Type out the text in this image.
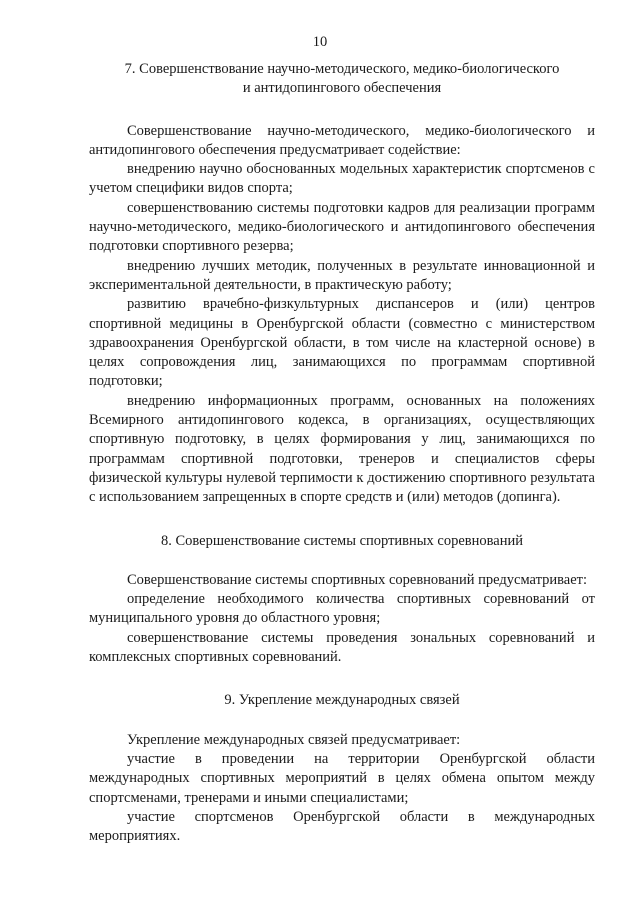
10
7. Совершенствование научно-методического, медико-биологического
и антидопингового обеспечения

Совершенствование научно-методического, медико-биологического и антидопингового обеспечения предусматривает содействие:

внедрению научно обоснованных модельных характеристик спортсменов с учетом специфики видов спорта;

совершенствованию системы подготовки кадров для реализации программ научно-методического, медико-биологического и антидопингового обеспечения подготовки спортивного резерва;

внедрению лучших методик, полученных в результате инновационной и экспериментальной деятельности, в практическую работу;

развитию врачебно-физкультурных диспансеров и (или) центров спортивной медицины в Оренбургской области (совместно с министерством здравоохранения Оренбургской области, в том числе на кластерной основе) в целях сопровождения лиц, занимающихся по программам спортивной подготовки;

внедрению информационных программ, основанных на положениях Всемирного антидопингового кодекса, в организациях, осуществляющих спортивную подготовку, в целях формирования у лиц, занимающихся по программам спортивной подготовки, тренеров и специалистов сферы физической культуры нулевой терпимости к достижению спортивного результата с использованием запрещенных в спорте средств и (или) методов (допинга).

8. Совершенствование системы спортивных соревнований

Совершенствование системы спортивных соревнований предусматривает:

определение необходимого количества спортивных соревнований от муниципального уровня до областного уровня;

совершенствование системы проведения зональных соревнований и комплексных спортивных соревнований.

9. Укрепление международных связей

Укрепление международных связей предусматривает:

участие в проведении на территории Оренбургской области международных спортивных мероприятий в целях обмена опытом между спортсменами, тренерами и иными специалистами;

участие спортсменов Оренбургской области в международных мероприятиях.
